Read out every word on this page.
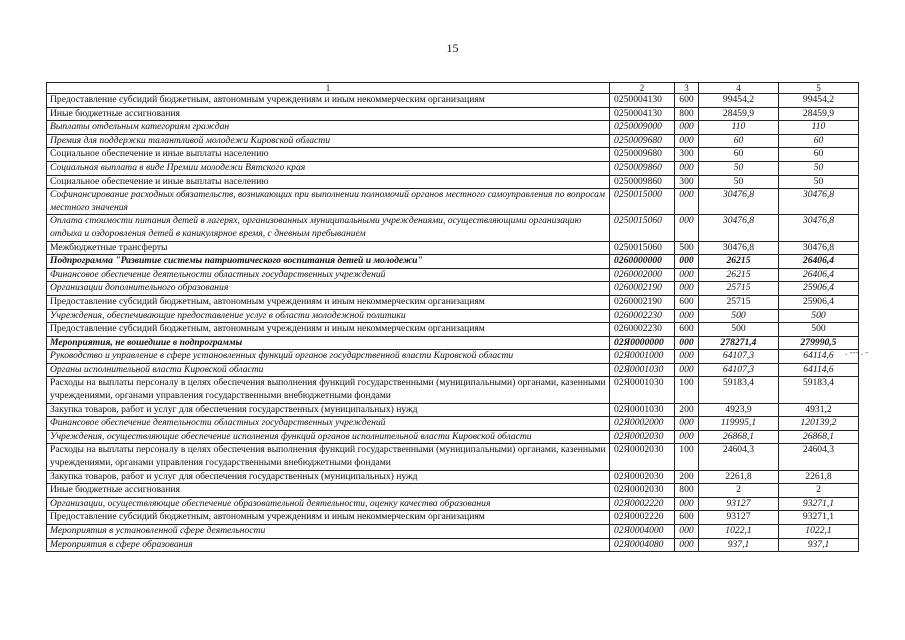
15
1	2	3	4	5
Предоставление субсидий бюджетным, автономным учреждениям и иным некоммерческим организациям	0250004130	600	99454,2	99454,2
Иные бюджетные ассигнования	0250004130	800	28459,9	28459,9
Выплаты отдельным категориям граждан	0250009000	000	110	110
Премия для поддержки талантливой молодежи Кировской области	0250009680	000	60	60
Социальное обеспечение и иные выплаты населению	0250009680	300	60	60
Социальная выплата в виде Премии молодежи Вятского края	0250009860	000	50	50
Социальное обеспечение и иные выплаты населению	0250009860	300	50	50
Софинансирование расходных обязательств, возникающих при выполнении полномочий органов местного самоуправления по вопросам местного значения	0250015000	000	30476,8	30476,8
Оплата стоимости питания детей в лагерях, организованных муниципальными учреждениями, осуществляющими организацию отдыха и оздоровления детей в каникулярное время, с дневным пребыванием	0250015060	000	30476,8	30476,8
Межбюджетные трансферты	0250015060	500	30476,8	30476,8
Подпрограмма "Развитие системы патриотического воспитания детей и молодежи"	0260000000	000	26215	26406,4
Финансовое обеспечение деятельности областных государственных учреждений	0260002000	000	26215	26406,4
Организации дополнительного образования	0260002190	000	25715	25906,4
Предоставление субсидий бюджетным, автономным учреждениям и иным некоммерческим организациям	0260002190	600	25715	25906,4
Учреждения, обеспечивающие предоставление услуг в области молодежной политики	0260002230	000	500	500
Предоставление субсидий бюджетным, автономным учреждениям и иным некоммерческим организациям	0260002230	600	500	500
Мероприятия, не вошедшие в подпрограммы	02Я0000000	000	278271,4	279990,5
Руководство и управление в сфере установленных функций органов государственной власти Кировской области	02Я0001000	000	64107,3	64114,6
Органы исполнительной власти Кировской области	02Я0001030	000	64107,3	64114,6
Расходы на выплаты персоналу в целях обеспечения выполнения функций государственными (муниципальными) органами, казенными учреждениями, органами управления государственными внебюджетными фондами	02Я0001030	100	59183,4	59183,4
Закупка товаров, работ и услуг для обеспечения государственных (муниципальных) нужд	02Я0001030	200	4923,9	4931,2
Финансовое обеспечение деятельности областных государственных учреждений	02Я0002000	000	119995,1	120139,2
Учреждения, осуществляющие обеспечение исполнения функций органов исполнительной власти Кировской области	02Я0002030	000	26868,1	26868,1
Расходы на выплаты персоналу в целях обеспечения выполнения функций государственными (муниципальными) органами, казенными учреждениями, органами управления государственными внебюджетными фондами	02Я0002030	100	24604,3	24604,3
Закупка товаров, работ и услуг для обеспечения государственных (муниципальных) нужд	02Я0002030	200	2261,8	2261,8
Иные бюджетные ассигнования	02Я0002030	800	2	2
Организации, осуществляющие обеспечение образовательной деятельности, оценку качества образования	02Я0002220	000	93127	93271,1
Предоставление субсидий бюджетным, автономным учреждениям и иным некоммерческим организациям	02Я0002220	600	93127	93271,1
Мероприятия в установленной сфере деятельности	02Я0004000	000	1022,1	1022,1
Мероприятия в сфере образования	02Я0004080	000	937,1	937,1
. ‐‐‐ . ‐
